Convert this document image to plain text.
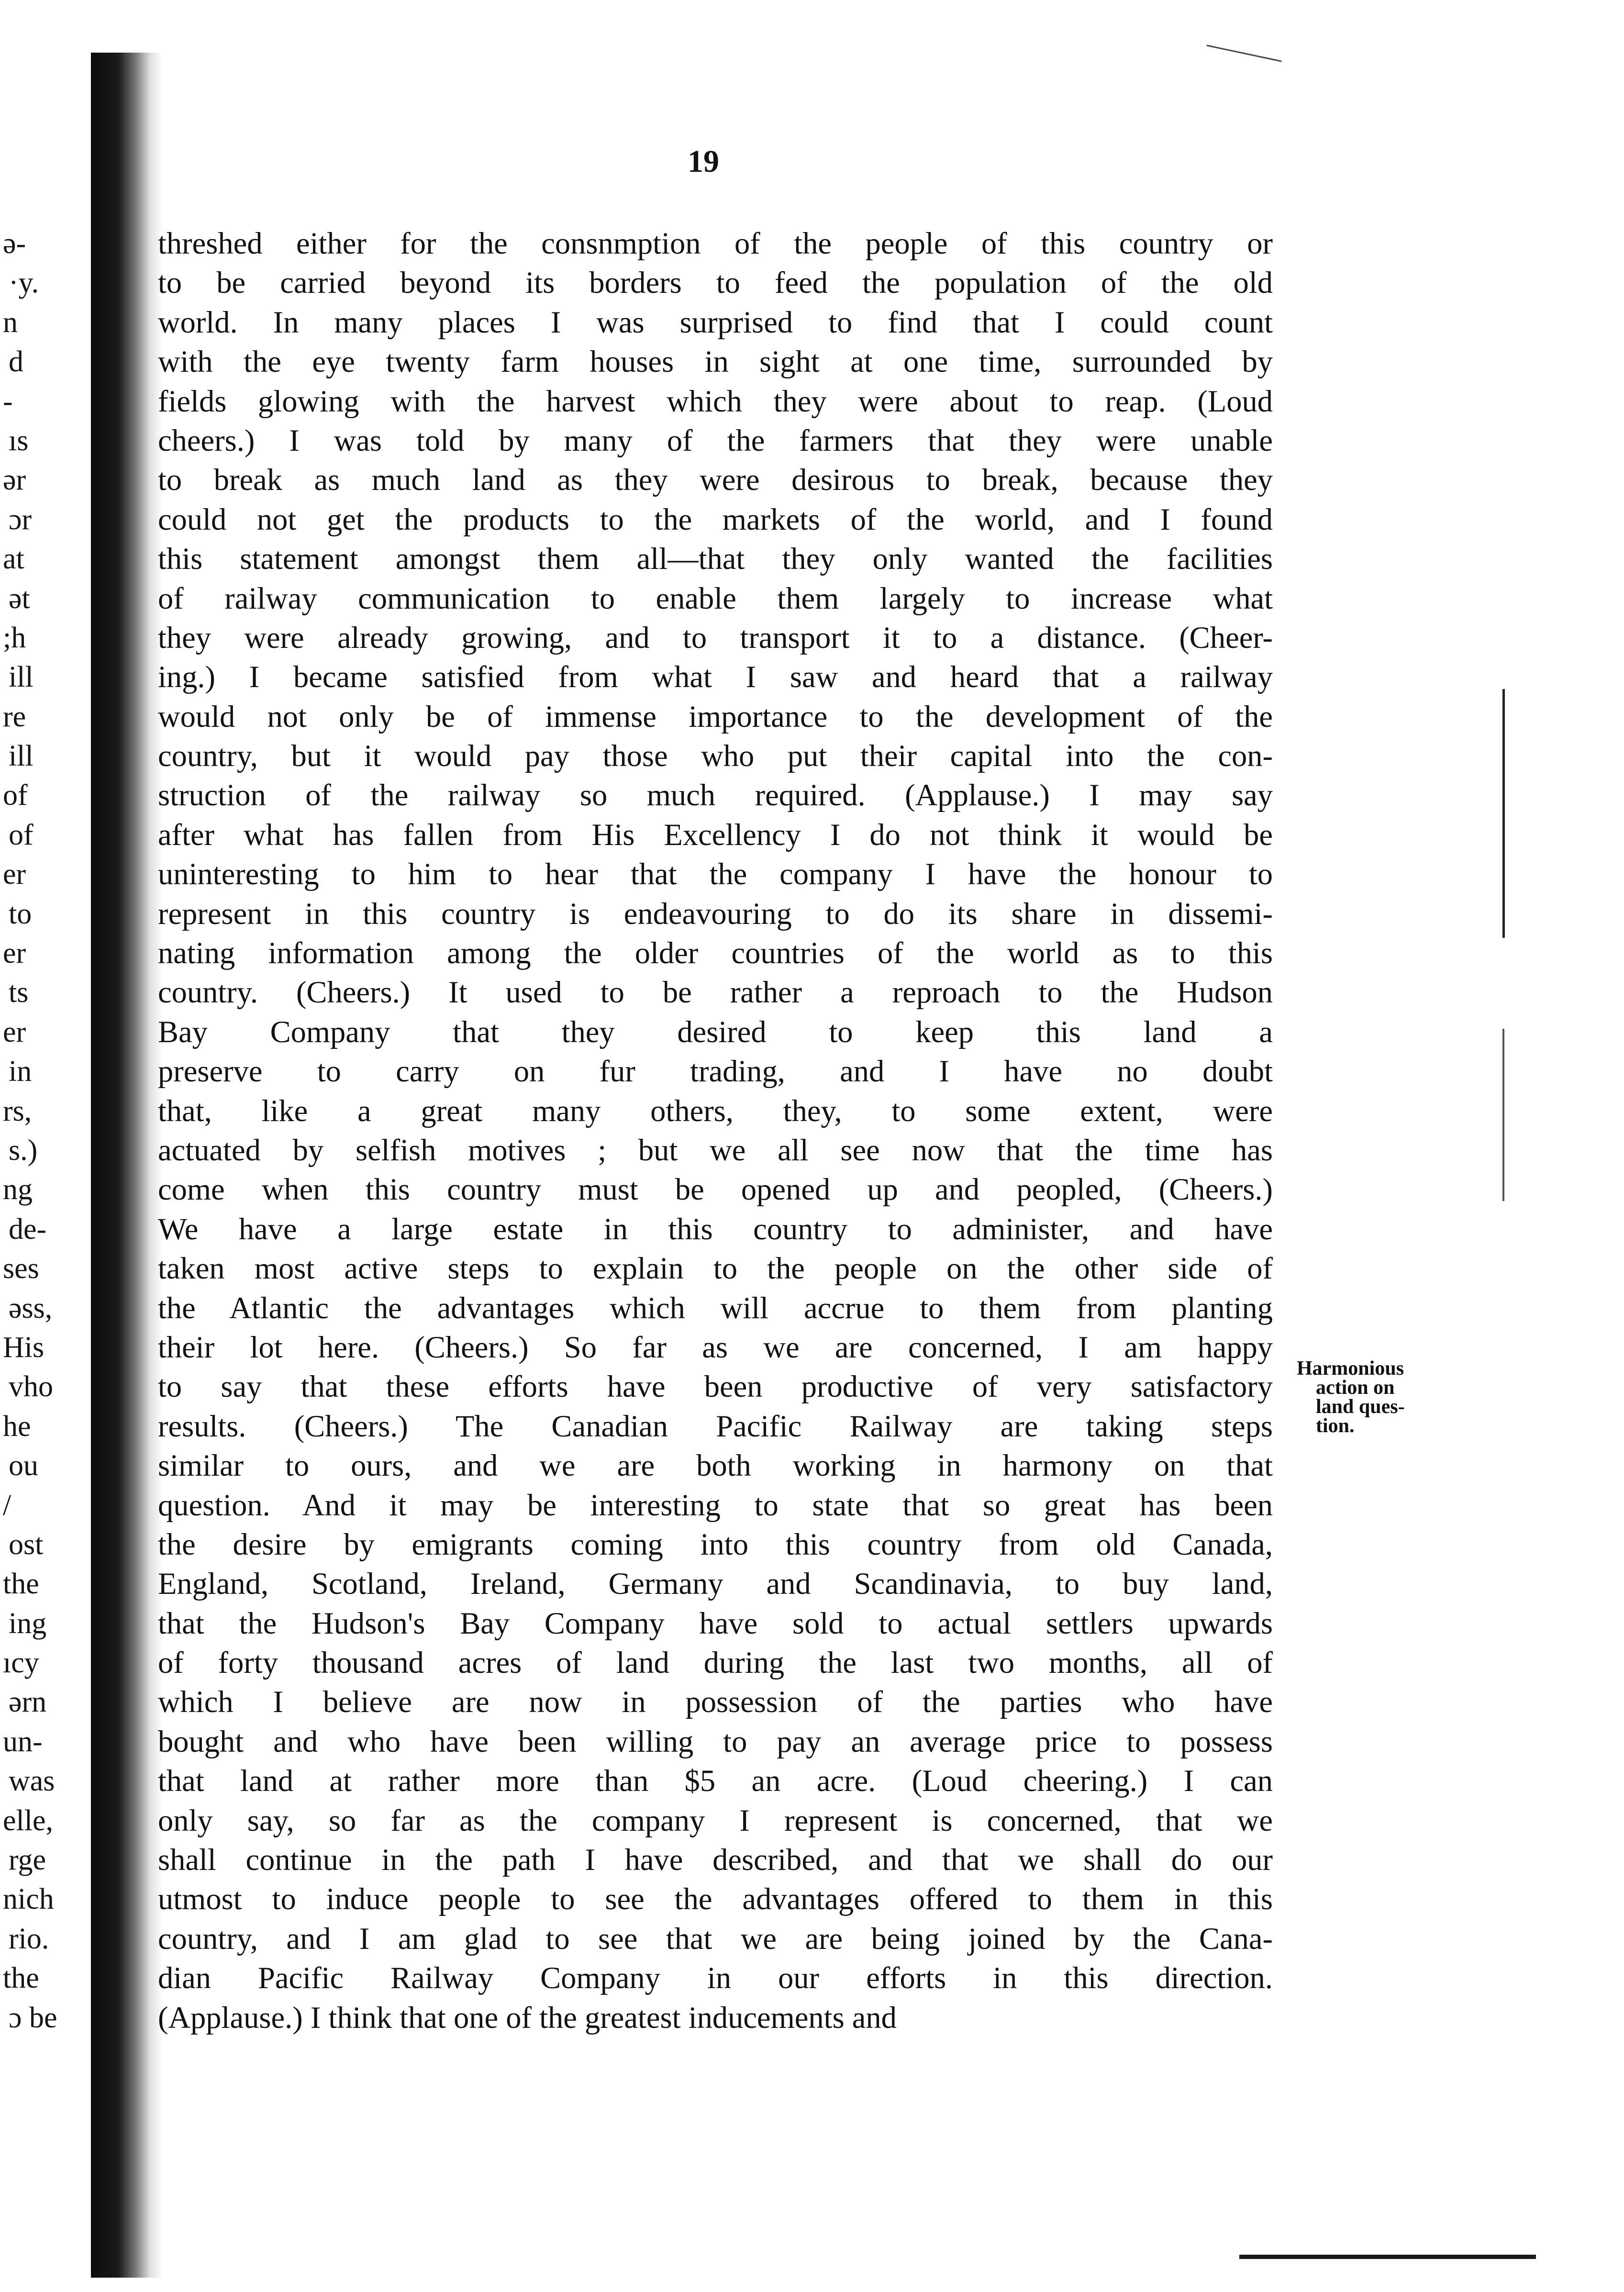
ə-
·y.
n
d
-
ıs
ər
ɔr
at
ət
;h
ill
re
ill
of
of
er
to
er
ts
er
in
rs,
s.)
ng
de-
ses
əss,
His
vho
he
ou
/
ost
the
ing
ıcy
ərn
un-
was
elle,
rge
nich
rio.
the
ɔ be
19
threshed either for the consnmption of the people of this country or
to be carried beyond its borders to feed the population of the old
world. In many places I was surprised to find that I could count
with the eye twenty farm houses in sight at one time, surrounded by
fields glowing with the harvest which they were about to reap. (Loud
cheers.) I was told by many of the farmers that they were unable
to break as much land as they were desirous to break, because they
could not get the products to the markets of the world, and I found
this statement amongst them all—that they only wanted the facilities
of railway communication to enable them largely to increase what
they were already growing, and to transport it to a distance. (Cheer-
ing.) I became satisfied from what I saw and heard that a railway
would not only be of immense importance to the development of the
country, but it would pay those who put their capital into the con-
struction of the railway so much required. (Applause.) I may say
after what has fallen from His Excellency I do not think it would be
uninteresting to him to hear that the company I have the honour to
represent in this country is endeavouring to do its share in dissemi-
nating information among the older countries of the world as to this
country. (Cheers.) It used to be rather a reproach to the Hudson
Bay Company that they desired to keep this land a
preserve to carry on fur trading, and I have no doubt
that, like a great many others, they, to some extent, were
actuated by selfish motives ; but we all see now that the time has
come when this country must be opened up and peopled, (Cheers.)
We have a large estate in this country to administer, and have
taken most active steps to explain to the people on the other side of
the Atlantic the advantages which will accrue to them from planting
their lot here. (Cheers.) So far as we are concerned, I am happy
to say that these efforts have been productive of very satisfactory
results. (Cheers.) The Canadian Pacific Railway are taking steps
similar to ours, and we are both working in harmony on that
question. And it may be interesting to state that so great has been
the desire by emigrants coming into this country from old Canada,
England, Scotland, Ireland, Germany and Scandinavia, to buy land,
that the Hudson's Bay Company have sold to actual settlers upwards
of forty thousand acres of land during the last two months, all of
which I believe are now in possession of the parties who have
bought and who have been willing to pay an average price to possess
that land at rather more than $5 an acre. (Loud cheering.) I can
only say, so far as the company I represent is concerned, that we
shall continue in the path I have described, and that we shall do our
utmost to induce people to see the advantages offered to them in this
country, and I am glad to see that we are being joined by the Cana-
dian Pacific Railway Company in our efforts in this direction.
(Applause.) I think that one of the greatest inducements and
Harmonious
action on
land ques-
tion.
